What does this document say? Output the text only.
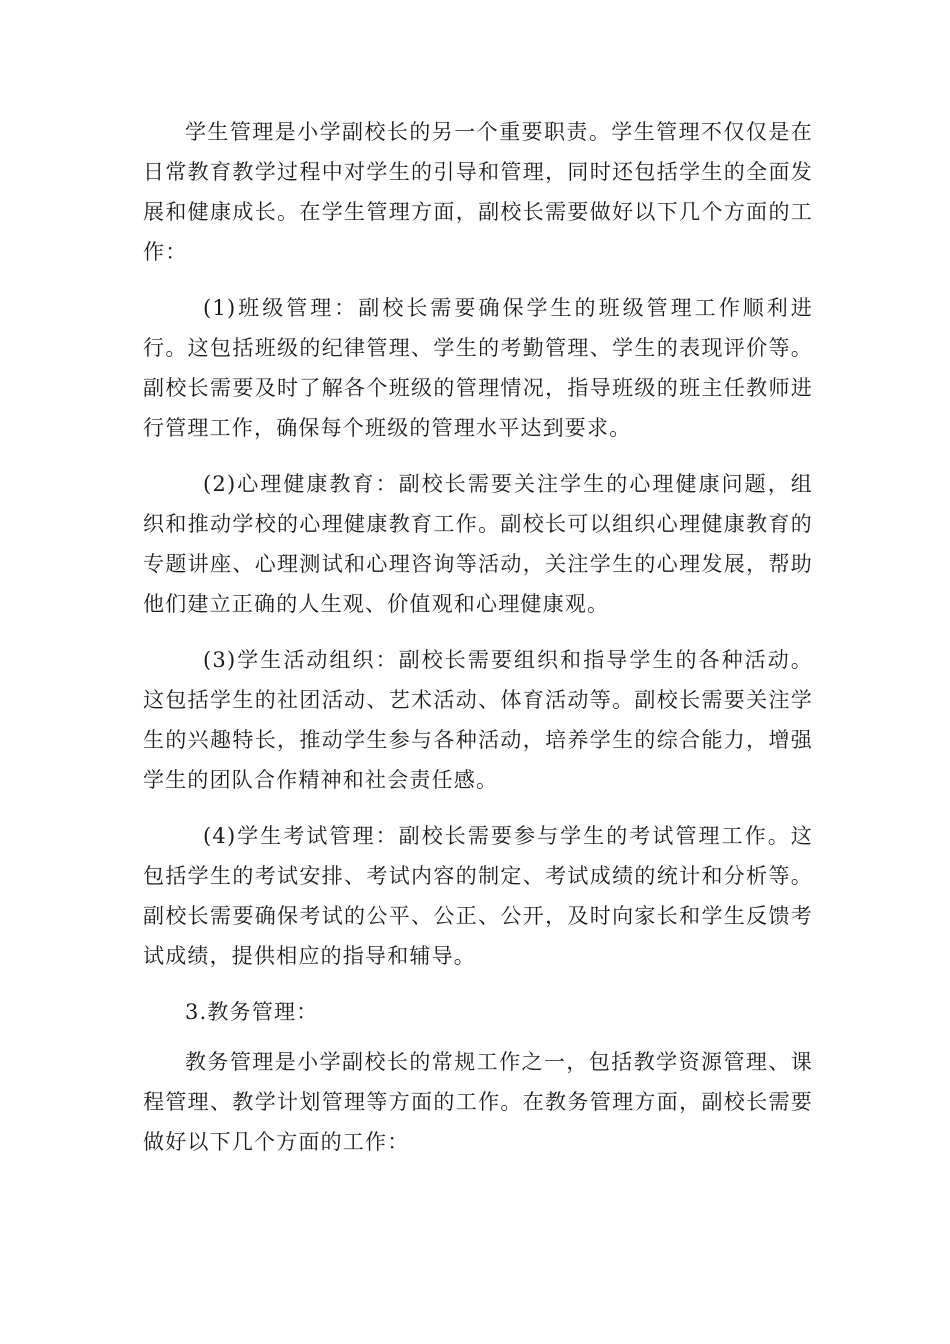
学生管理是小学副校长的另一个重要职责。学生管理不仅仅是在日常教育教学过程中对学生的引导和管理，同时还包括学生的全面发展和健康成长。在学生管理方面，副校长需要做好以下几个方面的工作：

(1)班级管理：副校长需要确保学生的班级管理工作顺利进行。这包括班级的纪律管理、学生的考勤管理、学生的表现评价等。副校长需要及时了解各个班级的管理情况，指导班级的班主任教师进行管理工作，确保每个班级的管理水平达到要求。

(2)心理健康教育：副校长需要关注学生的心理健康问题，组织和推动学校的心理健康教育工作。副校长可以组织心理健康教育的专题讲座、心理测试和心理咨询等活动，关注学生的心理发展，帮助他们建立正确的人生观、价值观和心理健康观。

(3)学生活动组织：副校长需要组织和指导学生的各种活动。这包括学生的社团活动、艺术活动、体育活动等。副校长需要关注学生的兴趣特长，推动学生参与各种活动，培养学生的综合能力，增强学生的团队合作精神和社会责任感。

(4)学生考试管理：副校长需要参与学生的考试管理工作。这包括学生的考试安排、考试内容的制定、考试成绩的统计和分析等。副校长需要确保考试的公平、公正、公开，及时向家长和学生反馈考试成绩，提供相应的指导和辅导。

3.教务管理：

教务管理是小学副校长的常规工作之一，包括教学资源管理、课程管理、教学计划管理等方面的工作。在教务管理方面，副校长需要做好以下几个方面的工作：
